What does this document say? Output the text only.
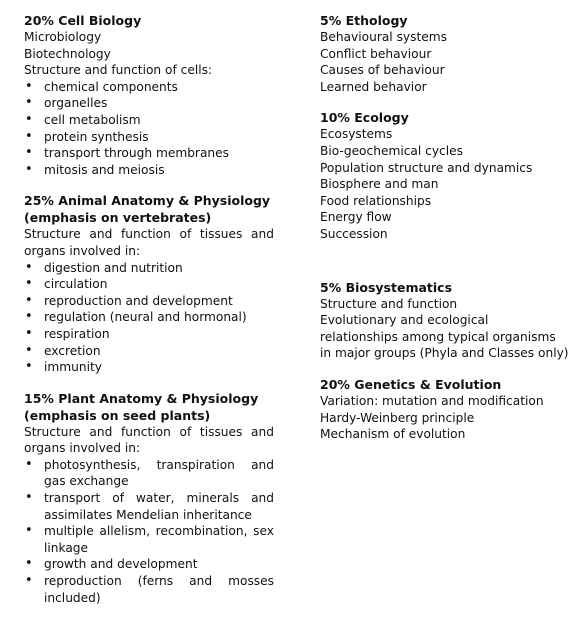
20% Cell Biology
Microbiology
Biotechnology
Structure and function of cells:
• chemical components
• organelles
• cell metabolism
• protein synthesis
• transport through membranes
• mitosis and meiosis
25% Animal Anatomy & Physiology
(emphasis on vertebrates)
Structure and function of tissues and organs involved in:
• digestion and nutrition
• circulation
• reproduction and development
• regulation (neural and hormonal)
• respiration
• excretion
• immunity
15% Plant Anatomy & Physiology
(emphasis on seed plants)
Structure and function of tissues and organs involved in:
• photosynthesis, transpiration and gas exchange
• transport of water, minerals and assimilates Mendelian inheritance
• multiple allelism, recombination, sex linkage
• growth and development
• reproduction (ferns and mosses included)
5% Ethology
Behavioural systems
Conflict behaviour
Causes of behaviour
Learned behavior
10% Ecology
Ecosystems
Bio-geochemical cycles
Population structure and dynamics
Biosphere and man
Food relationships
Energy flow
Succession
5% Biosystematics
Structure and function
Evolutionary and ecological relationships among typical organisms in major groups (Phyla and Classes only)
20% Genetics & Evolution
Variation: mutation and modification
Hardy-Weinberg principle
Mechanism of evolution
